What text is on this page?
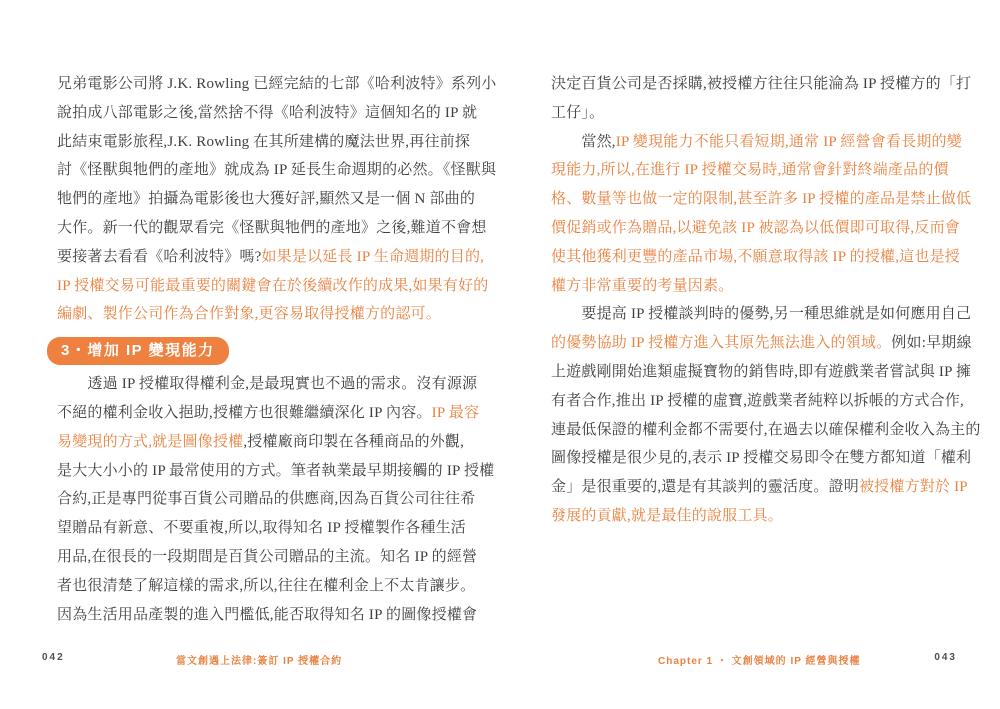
兄弟電影公司將 J.K. Rowling 已經完結的七部《哈利波特》系列小
說拍成八部電影之後,當然捨不得《哈利波特》這個知名的 IP 就
此結束電影旅程,J.K. Rowling 在其所建構的魔法世界,再往前探
討《怪獸與牠們的產地》就成為 IP 延長生命週期的必然。《怪獸與
牠們的產地》拍攝為電影後也大獲好評,顯然又是一個 N 部曲的
大作。新一代的觀眾看完《怪獸與牠們的產地》之後,難道不會想
要接著去看看《哈利波特》嗎?如果是以延長 IP 生命週期的目的,
IP 授權交易可能最重要的關鍵會在於後續改作的成果,如果有好的
編劇、製作公司作為合作對象,更容易取得授權方的認可。
3・增加 IP 變現能力
　　透過 IP 授權取得權利金,是最現實也不過的需求。沒有源源
不絕的權利金收入挹助,授權方也很難繼續深化 IP 內容。IP 最容
易變現的方式,就是圖像授權,授權廠商印製在各種商品的外觀,
是大大小小的 IP 最常使用的方式。筆者執業最早期接觸的 IP 授權
合約,正是專門從事百貨公司贈品的供應商,因為百貨公司往往希
望贈品有新意、不要重複,所以,取得知名 IP 授權製作各種生活
用品,在很長的一段期間是百貨公司贈品的主流。知名 IP 的經營
者也很清楚了解這樣的需求,所以,往往在權利金上不太肯讓步。
因為生活用品產製的進入門檻低,能否取得知名 IP 的圖像授權會
決定百貨公司是否採購,被授權方往往只能淪為 IP 授權方的「打
工仔」。
　　當然,IP 變現能力不能只看短期,通常 IP 經營會看長期的變
現能力,所以,在進行 IP 授權交易時,通常會針對終端產品的價
格、數量等也做一定的限制,甚至許多 IP 授權的產品是禁止做低
價促銷或作為贈品,以避免該 IP 被認為以低價即可取得,反而會
使其他獲利更豐的產品市場,不願意取得該 IP 的授權,這也是授
權方非常重要的考量因素。
　　要提高 IP 授權談判時的優勢,另一種思維就是如何應用自己
的優勢協助 IP 授權方進入其原先無法進入的領域。例如:早期線
上遊戲剛開始進類虛擬寶物的銷售時,即有遊戲業者嘗試與 IP 擁
有者合作,推出 IP 授權的虛寶,遊戲業者純粹以拆帳的方式合作,
連最低保證的權利金都不需要付,在過去以確保權利金收入為主的
圖像授權是很少見的,表示 IP 授權交易即令在雙方都知道「權利
金」是很重要的,還是有其談判的靈活度。證明被授權方對於 IP
發展的貢獻,就是最佳的說服工具。
042	當文創遇上法律:簽訂 IP 授權合約	Chapter 1 ・ 文創領域的 IP 經營與授權	043
